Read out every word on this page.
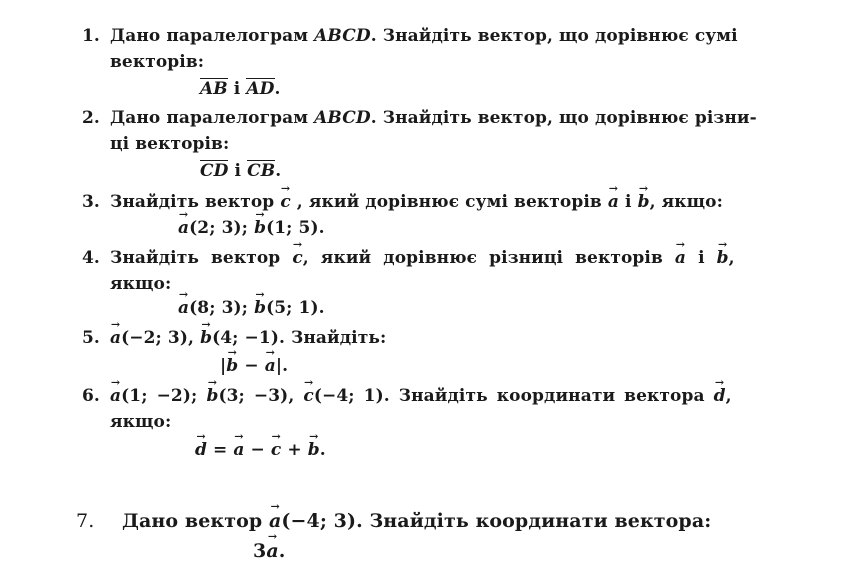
1. Дано паралелограм ABCD. Знайдіть вектор, що дорівнює сумі
векторів:
AB і AD.
2. Дано паралелограм ABCD. Знайдіть вектор, що дорівнює різни-
ці векторів:
CD і CB.
3. Знайдіть вектор → c , який дорівнює сумі векторів → a і → b, якщо:
→ a(2; 3); → b(1; 5).
4. Знайдіть вектор → c, який дорівнює різниці векторів → a і → b,
якщо:
→ a(8; 3); → b(5; 1).
5. → a(−2; 3), → b(4; −1). Знайдіть:
|→ b − → a|.
6. → a(1; −2); → b(3; −3), → c(−4; 1). Знайдіть координати вектора → d,
якщо:
→ d = → a − → c + → b.
7. Дано вектор → a(−4; 3). Знайдіть координати вектора:
3→ a.
